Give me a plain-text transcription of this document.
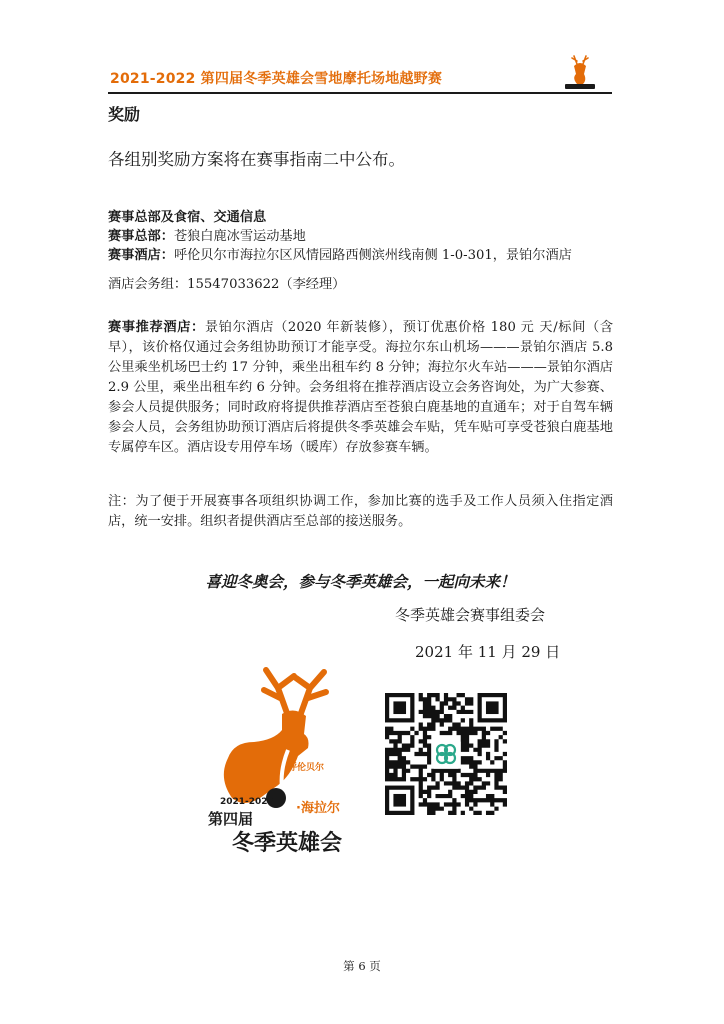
2021-2022 第四届冬季英雄会雪地摩托场地越野赛
奖励
各组别奖励方案将在赛事指南二中公布。
赛事总部及食宿、交通信息
赛事总部：苍狼白鹿冰雪运动基地
赛事酒店：呼伦贝尔市海拉尔区风情园路西侧滨州线南侧 1-0-301，景铂尔酒店
酒店会务组：15547033622（李经理）
赛事推荐酒店：景铂尔酒店（2020 年新装修），预订优惠价格 180 元 天/标间（含早），该价格仅通过会务组协助预订才能享受。海拉尔东山机场———景铂尔酒店 5.8 公里乘坐机场巴士约 17 分钟，乘坐出租车约 8 分钟；海拉尔火车站———景铂尔酒店 2.9 公里，乘坐出租车约 6 分钟。会务组将在推荐酒店设立会务咨询处，为广大参赛、参会人员提供服务；同时政府将提供推荐酒店至苍狼白鹿基地的直通车；对于自驾车辆参会人员，会务组协助预订酒店后将提供冬季英雄会车贴，凭车贴可享受苍狼白鹿基地专属停车区。酒店设专用停车场（暖库）存放参赛车辆。
注：为了便于开展赛事各项组织协调工作，参加比赛的选手及工作人员须入住指定酒店，统一安排。组织者提供酒店至总部的接送服务。
喜迎冬奥会，参与冬季英雄会，一起向未来！
冬季英雄会赛事组委会
2021 年 11 月 29 日
2021-2022
呼伦贝尔
·海拉尔
第四届
冬季英雄会
第 6 页
